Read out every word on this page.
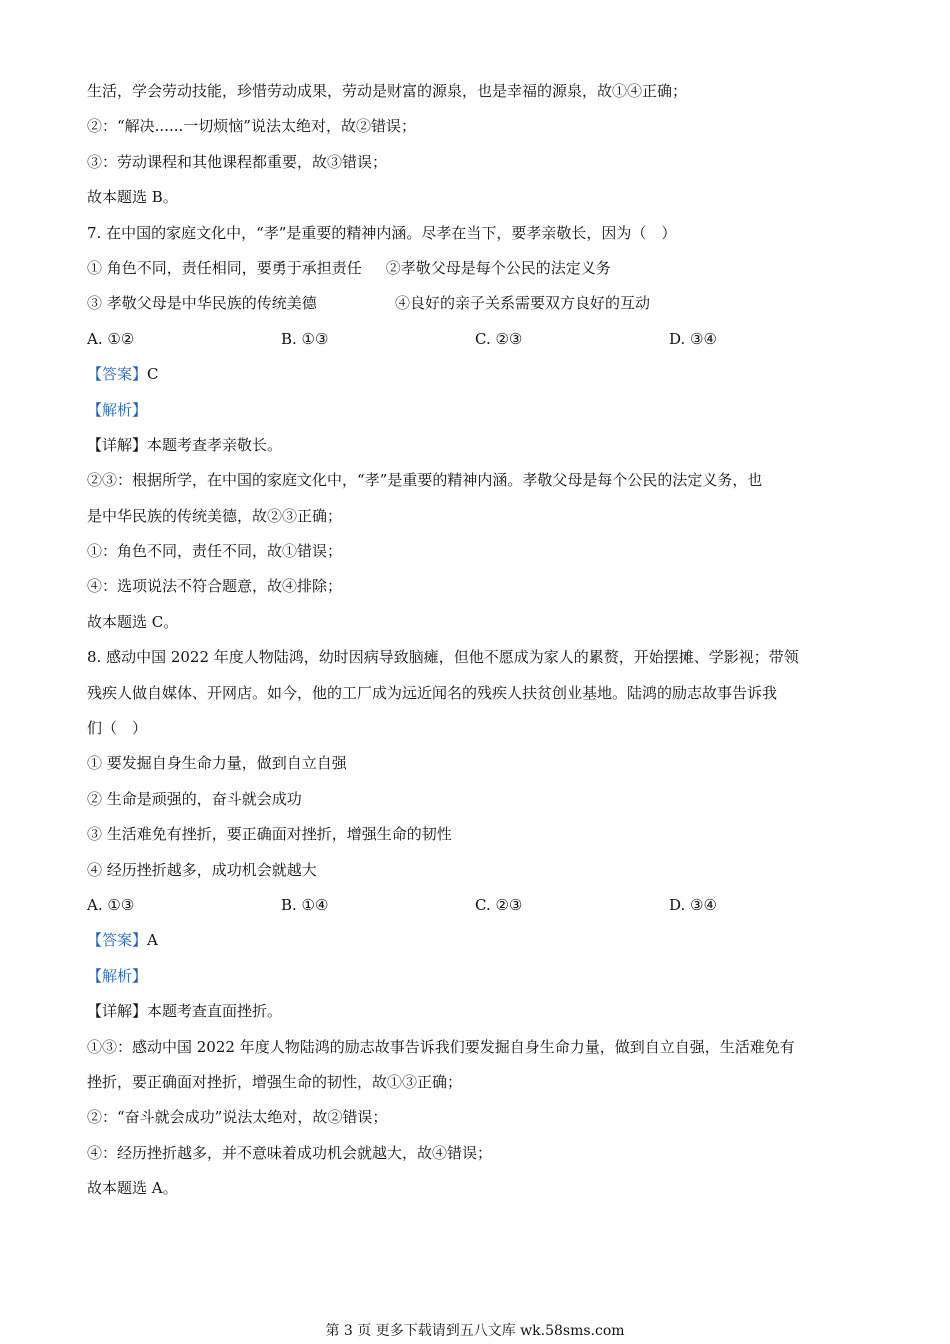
生活，学会劳动技能，珍惜劳动成果，劳动是财富的源泉，也是幸福的源泉，故①④正确；
②：“解决......一切烦恼”说法太绝对，故②错误；
③：劳动课程和其他课程都重要，故③错误；
故本题选 B。
7. 在中国的家庭文化中，“孝”是重要的精神内涵。尽孝在当下，要孝亲敬长，因为（　）
① 角色不同，责任相同，要勇于承担责任 ②孝敬父母是每个公民的法定义务
③ 孝敬父母是中华民族的传统美德	④良好的亲子关系需要双方良好的互动
A. ①②	B. ①③	C. ②③	D. ③④
【答案】C
【解析】
【详解】本题考查孝亲敬长。
②③：根据所学，在中国的家庭文化中，“孝”是重要的精神内涵。孝敬父母是每个公民的法定义务，也
是中华民族的传统美德，故②③正确；
①：角色不同，责任不同，故①错误；
④：选项说法不符合题意，故④排除；
故本题选 C。
8. 感动中国 2022 年度人物陆鸿，幼时因病导致脑瘫，但他不愿成为家人的累赘，开始摆摊、学影视；带领
残疾人做自媒体、开网店。如今，他的工厂成为远近闻名的残疾人扶贫创业基地。陆鸿的励志故事告诉我
们（　）
① 要发掘自身生命力量，做到自立自强
② 生命是顽强的，奋斗就会成功
③ 生活难免有挫折，要正确面对挫折，增强生命的韧性
④ 经历挫折越多，成功机会就越大
A. ①③	B. ①④	C. ②③	D. ③④
【答案】A
【解析】
【详解】本题考查直面挫折。
①③：感动中国 2022 年度人物陆鸿的励志故事告诉我们要发掘自身生命力量，做到自立自强，生活难免有
挫折，要正确面对挫折，增强生命的韧性，故①③正确；
②：“奋斗就会成功”说法太绝对，故②错误；
④：经历挫折越多，并不意味着成功机会就越大，故④错误；
故本题选 A。
第 3 页 更多下载请到五八文库 wk.58sms.com
